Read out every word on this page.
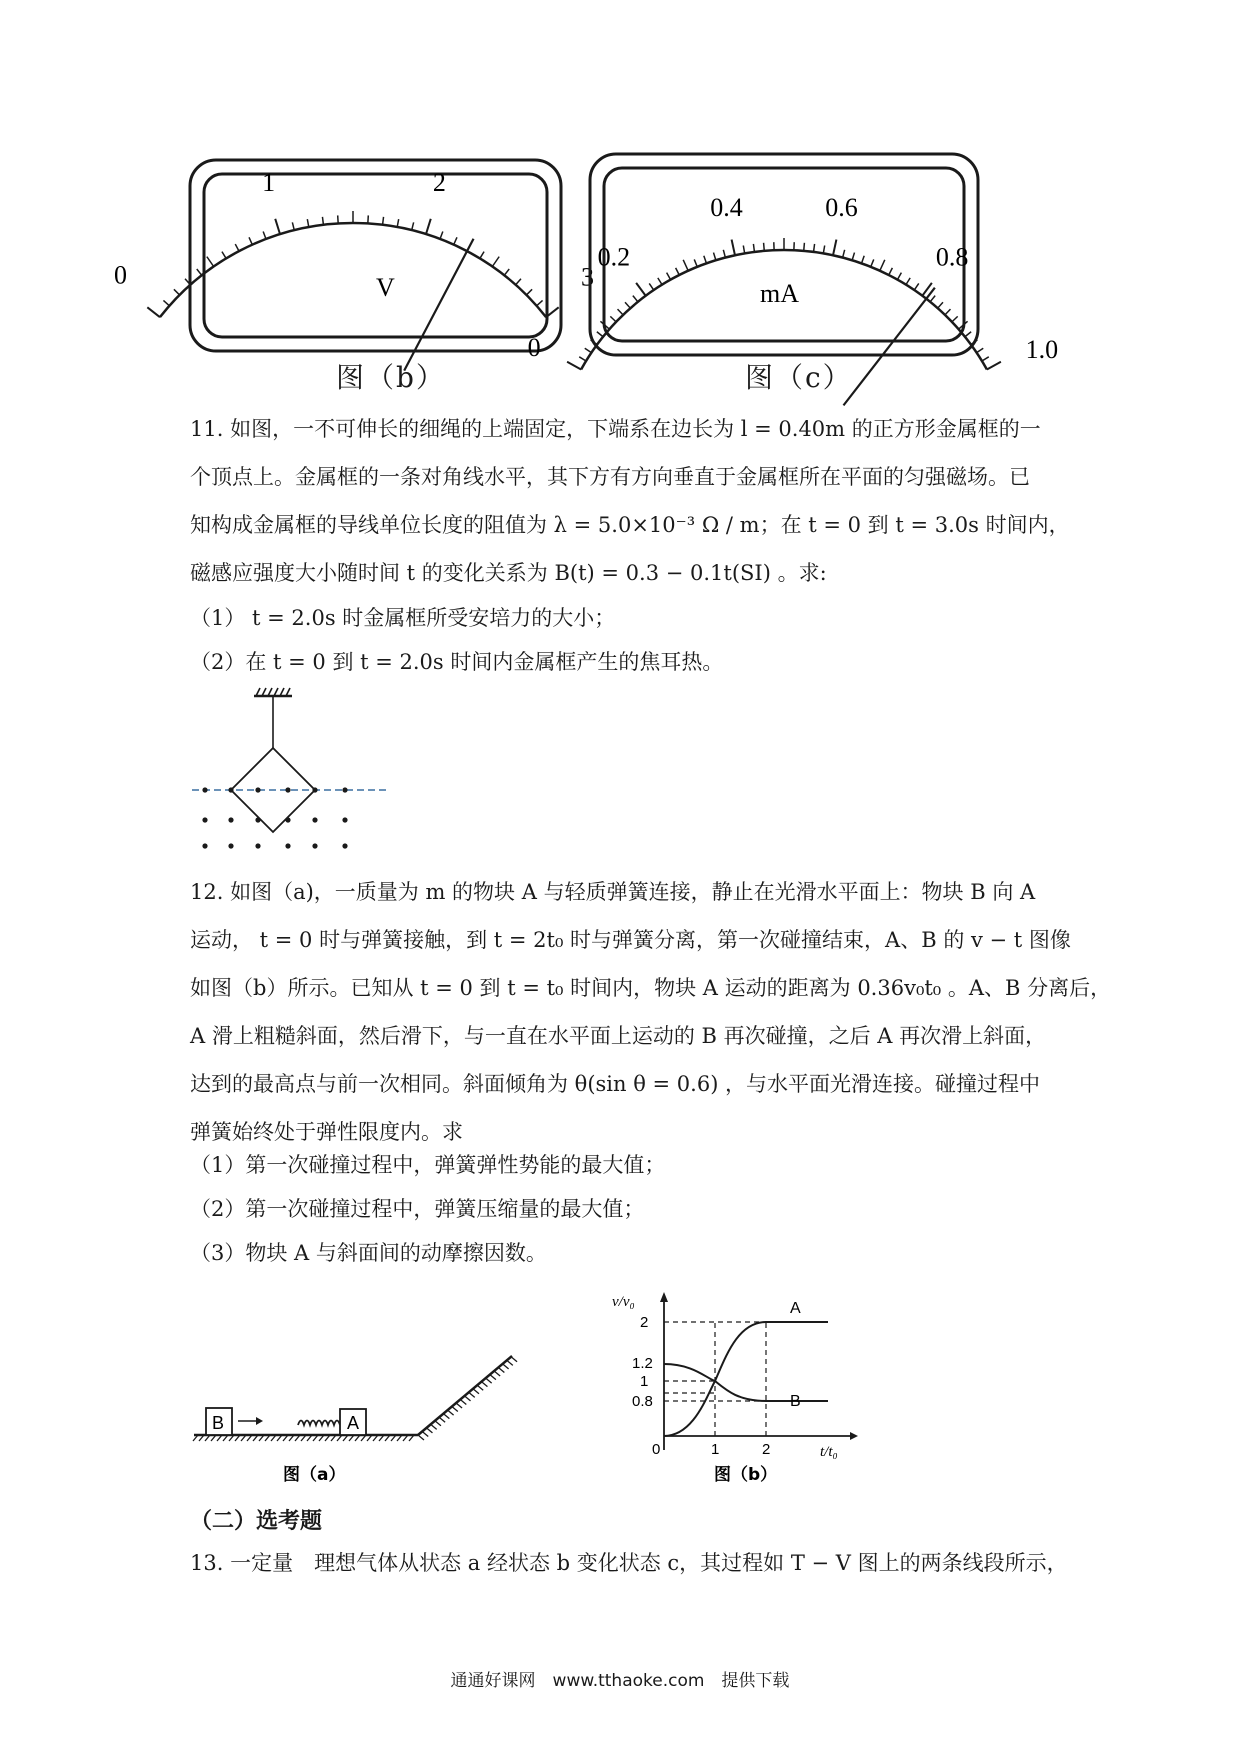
0
1	2
3
V
图（b）
0
0.2
0.4	0.6
0.8
1.0
mA
图（c）

11. 如图，一不可伸长的细绳的上端固定，下端系在边长为 l = 0.40m 的正方形金属框的一

个顶点上。金属框的一条对角线水平，其下方有方向垂直于金属框所在平面的匀强磁场。已

知构成金属框的导线单位长度的阻值为 λ = 5.0×10⁻³ Ω / m；在 t = 0 到 t = 3.0s 时间内，

磁感应强度大小随时间 t 的变化关系为 B(t) = 0.3 − 0.1t(SI) 。求:

（1） t = 2.0s 时金属框所受安培力的大小；
（2）在 t = 0 到 t = 2.0s 时间内金属框产生的焦耳热。

12. 如图（a)，一质量为 m 的物块 A 与轻质弹簧连接，静止在光滑水平面上：物块 B 向 A

运动， t = 0 时与弹簧接触，到 t = 2t₀ 时与弹簧分离，第一次碰撞结束，A、B 的 v − t 图像

如图（b）所示。已知从 t = 0 到 t = t₀ 时间内，物块 A 运动的距离为 0.36v₀t₀ 。A、B 分离后，

A 滑上粗糙斜面，然后滑下，与一直在水平面上运动的 B 再次碰撞，之后 A 再次滑上斜面，

达到的最高点与前一次相同。斜面倾角为 θ(sin θ = 0.6) ，与水平面光滑连接。碰撞过程中

弹簧始终处于弹性限度内。求

（1）第一次碰撞过程中，弹簧弹性势能的最大值；
（2）第一次碰撞过程中，弹簧压缩量的最大值；
（3）物块 A 与斜面间的动摩擦因数。
B	A
图（a）
v/v₀
t/t₀
0
2
1.2
1
0.8
1	2
A
B
图（b）
（二）选考题
13. 一定量　理想气体从状态 a 经状态 b 变化状态 c，其过程如 T − V 图上的两条线段所示，
通通好课网　www.tthaoke.com　提供下载
